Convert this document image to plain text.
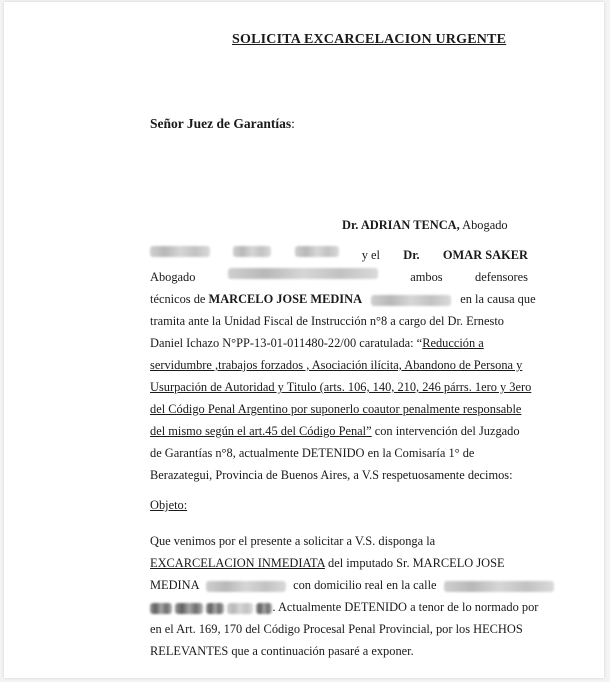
SOLICITA EXCARCELACION URGENTE
Señor Juez de Garantías:
Dr. ADRIAN TENCA, Abogado
y el Dr. OMAR SAKER
Abogado	ambos	defensores
técnicos de MARCELO JOSE MEDINA	en la causa que
tramita ante la Unidad Fiscal de Instrucción n°8 a cargo del Dr. Ernesto
Daniel Ichazo N°PP-13-01-011480-22/00 caratulada: “Reducción a
servidumbre ,trabajos forzados , Asociación ilícita, Abandono de Persona y
Usurpación de Autoridad y Titulo (arts. 106, 140, 210, 246 párrs. 1ero y 3ero
del Código Penal Argentino por suponerlo coautor penalmente responsable
del mismo según el art.45 del Código Penal” con intervención del Juzgado
de Garantías n°8, actualmente DETENIDO en la Comisaría 1° de
Berazategui, Provincia de Buenos Aires, a V.S respetuosamente decimos:
Objeto:
Que venimos por el presente a solicitar a V.S. disponga la
EXCARCELACION INMEDIATA del imputado Sr. MARCELO JOSE
MEDINA	con domicilio real en la calle
. Actualmente DETENIDO a tenor de lo normado por
en el Art. 169, 170 del Código Procesal Penal Provincial, por los HECHOS
RELEVANTES que a continuación pasaré a exponer.
